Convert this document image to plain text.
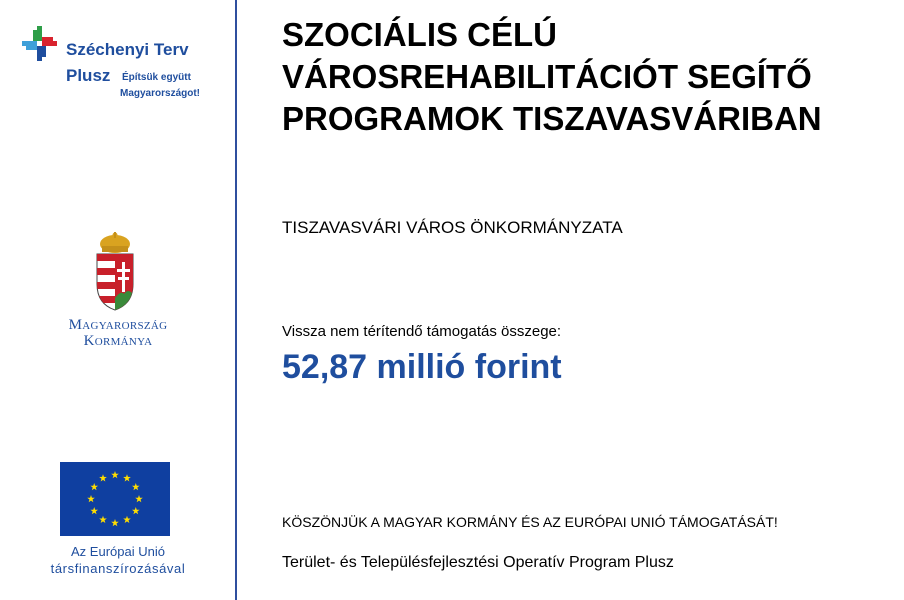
Széchenyi Terv
Plusz Építsük együtt
Magyarországot!
Magyarország
Kormánya
Az Európai Unió
társfinanszírozásával
SZOCIÁLIS CÉLÚ
VÁROSREHABILITÁCIÓT SEGÍTŐ
PROGRAMOK TISZAVASVÁRIBAN
TISZAVASVÁRI VÁROS ÖNKORMÁNYZATA
Vissza nem térítendő támogatás összege:
52,87 millió forint
KÖSZÖNJÜK A MAGYAR KORMÁNY ÉS AZ EURÓPAI UNIÓ TÁMOGATÁSÁT!
Terület- és Településfejlesztési Operatív Program Plusz
